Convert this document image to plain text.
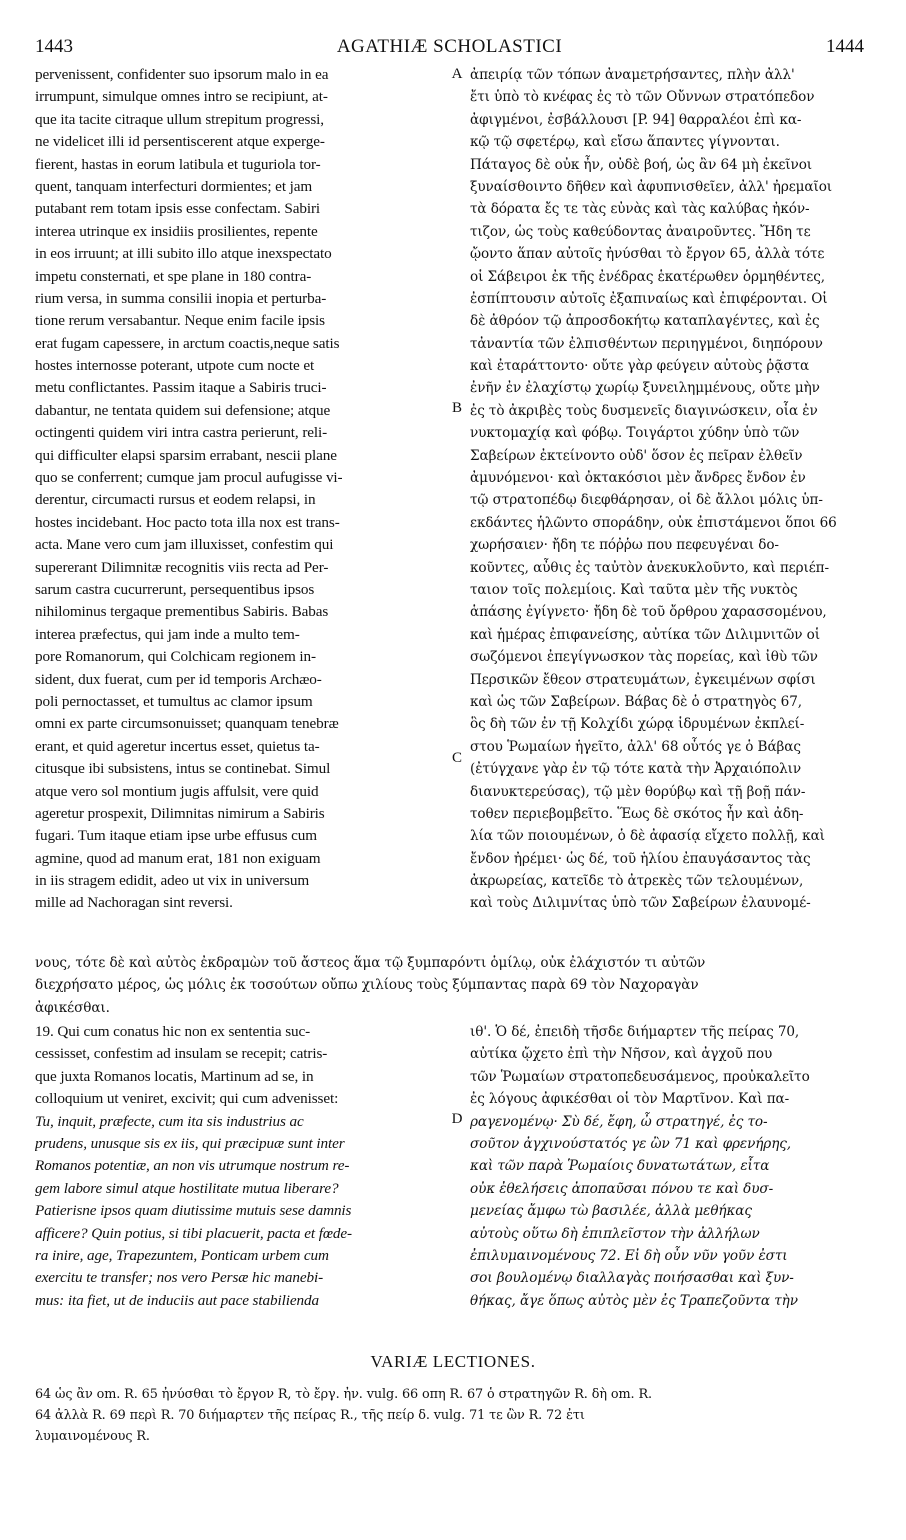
1443	AGATHIÆ SCHOLASTICI	1444
pervenissent, confidenter suo ipsorum malo in ea
irrumpunt, simulque omnes intro se recipiunt, at-
que ita tacite citraque ullum strepitum progressi,
ne videlicet illi id persentiscerent atque experge-
fierent, hastas in eorum latibula et tuguriola tor-
quent, tanquam interfecturi dormientes; et jam
putabant rem totam ipsis esse confectam. Sabiri
interea utrinque ex insidiis prosilientes, repente
in eos irruunt; at illi subito illo atque inexspectato
impetu consternati, et spe plane in 180 contra-
rium versa, in summa consilii inopia et perturba-
tione rerum versabantur. Neque enim facile ipsis
erat fugam capessere, in arctum coactis,neque satis
hostes internosse poterant, utpote cum nocte et
metu conflictantes. Passim itaque a Sabiris truci-
dabantur, ne tentata quidem sui defensione; atque
octingenti quidem viri intra castra perierunt, reli-
qui difficulter elapsi sparsim errabant, nescii plane
quo se conferrent; cumque jam procul aufugisse vi-
derentur, circumacti rursus et eodem relapsi, in
hostes incidebant. Hoc pacto tota illa nox est trans-
acta. Mane vero cum jam illuxisset, confestim qui
supererant Dilimnitæ recognitis viis recta ad Per-
sarum castra cucurrerunt, persequentibus ipsos
nihilominus tergaque prementibus Sabiris. Babas
interea præfectus, qui jam inde a multo tem-
pore Romanorum, qui Colchicam regionem in-
sident, dux fuerat, cum per id temporis Archæo-
poli pernoctasset, et tumultus ac clamor ipsum
omni ex parte circumsonuisset; quanquam tenebræ
erant, et quid ageretur incertus esset, quietus ta-
citusque ibi subsistens, intus se continebat. Simul
atque vero sol montium jugis affulsit, vere quid
ageretur prospexit, Dilimnitas nimirum a Sabiris
fugari. Tum itaque etiam ipse urbe effusus cum
agmine, quod ad manum erat, 181 non exiguam
in iis stragem edidit, adeo ut vix in universum
mille ad Nachoragan sint reversi.
ἀπειρίᾳ τῶν τόπων ἀναμετρήσαντες, πλὴν ἀλλ'
ἔτι ὑπὸ τὸ κνέφας ἐς τὸ τῶν Οὔννων στρατόπεδον
ἀφιγμένοι, ἐσβάλλουσι [P. 94] θαρραλέοι ἐπὶ κα-
κῷ τῷ σφετέρῳ, καὶ εἴσω ἅπαντες γίγνονται.
Πάταγος δὲ οὐκ ἦν, οὐδὲ βοή, ὡς ἂν 64 μὴ ἐκεῖνοι
ξυναίσθοιντο δῆθεν καὶ ἀφυπνισθεῖεν, ἀλλ' ἠρεμαῖοι
τὰ δόρατα ἔς τε τὰς εὐνὰς καὶ τὰς καλύβας ἠκόν-
τιζον, ὡς τοὺς καθεύδοντας ἀναιροῦντες. Ἤδη τε
ᾤοντο ἅπαν αὐτοῖς ἠνύσθαι τὸ ἔργον 65, ἀλλὰ τότε
οἱ Σάβειροι ἐκ τῆς ἐνέδρας ἑκατέρωθεν ὁρμηθέντες,
ἐσπίπτουσιν αὐτοῖς ἐξαπιναίως καὶ ἐπιφέρονται. Οἱ
δὲ ἀθρόον τῷ ἀπροσδοκήτῳ καταπλαγέντες, καὶ ἐς
τἀναντία τῶν ἐλπισθέντων περιηγμένοι, διηπόρουν
καὶ ἐταράττοντο· οὔτε γὰρ φεύγειν αὐτοὺς ῥᾷστα
ἐνῆν ἐν ἐλαχίστῳ χωρίῳ ξυνειλημμένους, οὔτε μὴν
ἐς τὸ ἀκριβὲς τοὺς δυσμενεῖς διαγινώσκειν, οἷα ἐν
νυκτομαχίᾳ καὶ φόβῳ. Τοιγάρτοι χύδην ὑπὸ τῶν
Σαβείρων ἐκτείνοντο οὐδ' ὅσον ἐς πεῖραν ἐλθεῖν
ἀμυνόμενοι· καὶ ὀκτακόσιοι μὲν ἄνδρες ἔνδον ἐν
τῷ στρατοπέδῳ διεφθάρησαν, οἱ δὲ ἄλλοι μόλις ὑπ-
εκδάντες ἡλῶντο σποράδην, οὐκ ἐπιστάμενοι ὅποι 66
χωρήσαιεν· ἤδη τε πόῤῥω που πεφευγέναι δο-
κοῦντες, αὖθις ἐς ταὐτὸν ἀνεκυκλοῦντο, καὶ περιέπ-
ταιον τοῖς πολεμίοις. Καὶ ταῦτα μὲν τῆς νυκτὸς
ἁπάσης ἐγίγνετο· ἤδη δὲ τοῦ ὄρθρου χαρασσομένου,
καὶ ἡμέρας ἐπιφανείσης, αὐτίκα τῶν Διλιμνιτῶν οἱ
σωζόμενοι ἐπεγίγνωσκον τὰς πορείας, καὶ ἰθὺ τῶν
Περσικῶν ἔθεον στρατευμάτων, ἐγκειμένων σφίσι
καὶ ὡς τῶν Σαβείρων. Βάβας δὲ ὁ στρατηγὸς 67,
ὃς δὴ τῶν ἐν τῇ Κολχίδι χώρᾳ ἱδρυμένων ἐκπλεί-
στου Ῥωμαίων ἡγεῖτο, ἀλλ' 68 οὗτός γε ὁ Βάβας
(ἐτύγχανε γὰρ ἐν τῷ τότε κατὰ τὴν Ἀρχαιόπολιν
διανυκτερεύσας), τῷ μὲν θορύβῳ καὶ τῇ βοῇ πάν-
τοθεν περιεβομβεῖτο. Ἕως δὲ σκότος ἦν καὶ ἀδη-
λία τῶν ποιουμένων, ὁ δὲ ἀφασίᾳ εἴχετο πολλῇ, καὶ
ἔνδον ἠρέμει· ὡς δέ, τοῦ ἡλίου ἐπαυγάσαντος τὰς
ἀκρωρείας, κατεῖδε τὸ ἀτρεκὲς τῶν τελουμένων,
καὶ τοὺς Διλιμνίτας ὑπὸ τῶν Σαβείρων ἐλαυνομέ-
A
B
C
D
νους, τότε δὲ καὶ αὐτὸς ἐκδραμὼν τοῦ ἄστεος ἅμα τῷ ξυμπαρόντι ὁμίλῳ, οὐκ ἐλάχιστόν τι αὐτῶν
διεχρήσατο μέρος, ὡς μόλις ἐκ τοσούτων οὔπω χιλίους τοὺς ξύμπαντας παρὰ 69 τὸν Ναχοραγὰν
ἀφικέσθαι.
19. Qui cum conatus hic non ex sententia suc-
cessisset, confestim ad insulam se recepit; catris-
que juxta Romanos locatis, Martinum ad se, in
colloquium ut veniret, excivit; qui cum advenisset:
Tu, inquit, præfecte, cum ita sis industrius ac
prudens, unusque sis ex iis, qui præcipuæ sunt inter
Romanos potentiæ, an non vis utrumque nostrum re-
gem labore simul atque hostilitate mutua liberare?
Patierisne ipsos quam diutissime mutuis sese damnis
afficere? Quin potius, si tibi placuerit, pacta et fœde-
ra inire, age, Trapezuntem, Ponticam urbem cum
exercitu te transfer; nos vero Persæ hic manebi-
mus: ita fiet, ut de induciis aut pace stabilienda
ιθ'. Ὁ δέ, ἐπειδὴ τῆσδε διήμαρτεν τῆς πείρας 70,
αὐτίκα ᾤχετο ἐπὶ τὴν Νῆσον, καὶ ἀγχοῦ που
τῶν Ῥωμαίων στρατοπεδευσάμενος, προὐκαλεῖτο
ἐς λόγους ἀφικέσθαι οἱ τὸν Μαρτῖνον. Καὶ πα-
ραγενομένῳ· Σὺ δέ, ἔφη, ὦ στρατηγέ, ἐς το-
σοῦτον ἀγχινούστατός γε ὢν 71 καὶ φρενήρης,
καὶ τῶν παρὰ Ῥωμαίοις δυνατωτάτων, εἶτα
οὐκ ἐθελήσεις ἀποπαῦσαι πόνου τε καὶ δυσ-
μενείας ἄμφω τὼ βασιλέε, ἀλλὰ μεθήκας
αὐτοὺς οὕτω δὴ ἐπιπλεῖστον τὴν ἀλλήλων
ἐπιλυμαινομένους 72. Εἰ δὴ οὖν νῦν γοῦν ἐστι
σοι βουλομένῳ διαλλαγὰς ποιήσασθαι καὶ ξυν-
θήκας, ἄγε ὅπως αὐτὸς μὲν ἐς Τραπεζοῦντα τὴν
VARIÆ LECTIONES.
64 ὡς ἂν om. R. 65 ἠνύσθαι τὸ ἔργον R, τὸ ἔργ. ἠν. vulg. 66 οπη R. 67 ὁ στρατηγῶν R. δὴ om. R.
64 ἀλλὰ R. 69 περὶ R. 70 διήμαρτεν τῆς πείρας R., τῆς πείρ δ. vulg. 71 τε ὢν R. 72 ἐτι
λυμαινομένους R.
